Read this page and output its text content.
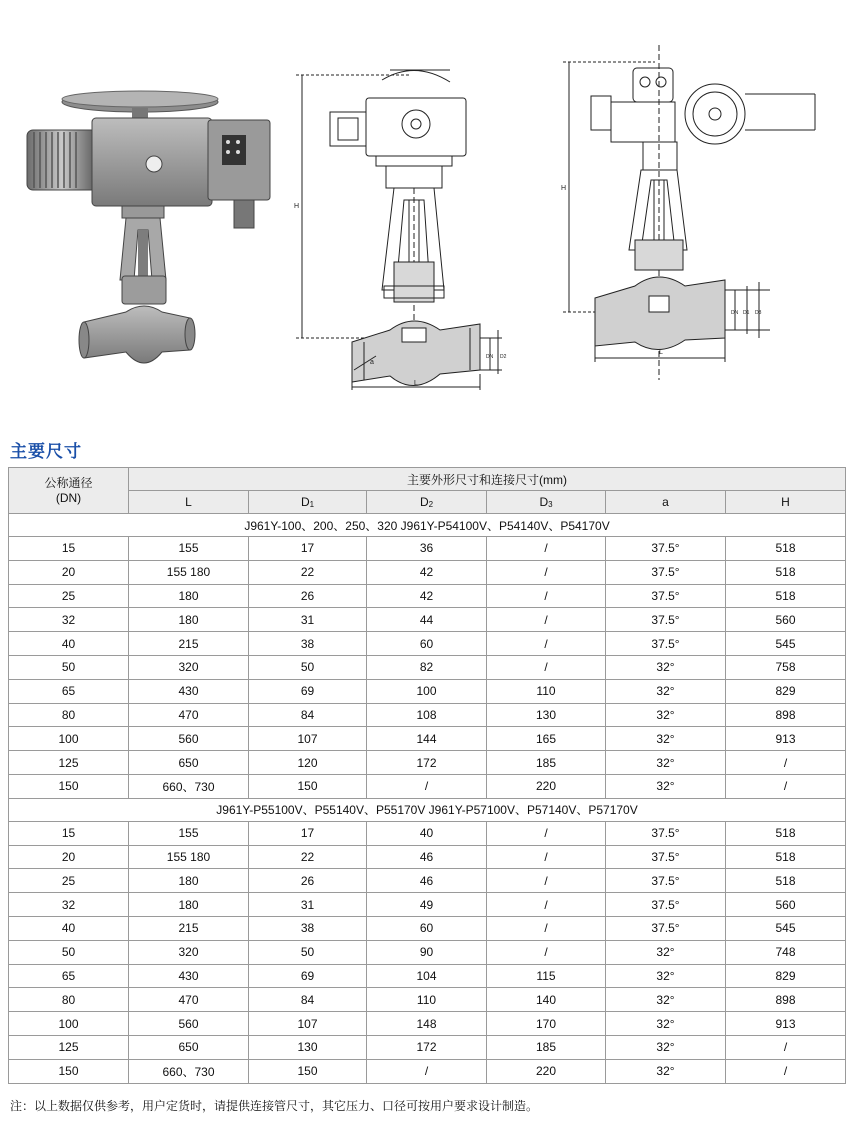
H
L
a
DN D2
H
L
DN D1 D3
主要尺寸
公称通径
(DN)	主要外形尺寸和连接尺寸(mm)					
	L	$D_1$	$D_2$	$D_3$	a	H
J961Y-100、200、250、320 J961Y-P54100V、P54140V、P54170V						
15	155	17	36	/	37.5°	518
20	155 180	22	42	/	37.5°	518
25	180	26	42	/	37.5°	518
32	180	31	44	/	37.5°	560
40	215	38	60	/	37.5°	545
50	320	50	82	/	32°	758
65	430	69	100	110	32°	829
80	470	84	108	130	32°	898
100	560	107	144	165	32°	913
125	650	120	172	185	32°	/
150	660、730	150	/	220	32°	/
J961Y-P55100V、P55140V、P55170V J961Y-P57100V、P57140V、P57170V						
15	155	17	40	/	37.5°	518
20	155 180	22	46	/	37.5°	518
25	180	26	46	/	37.5°	518
32	180	31	49	/	37.5°	560
40	215	38	60	/	37.5°	545
50	320	50	90	/	32°	748
65	430	69	104	115	32°	829
80	470	84	110	140	32°	898
100	560	107	148	170	32°	913
125	650	130	172	185	32°	/
150	660、730	150	/	220	32°	/
注：以上数据仅供参考，用户定货时，请提供连接管尺寸，其它压力、口径可按用户要求设计制造。
